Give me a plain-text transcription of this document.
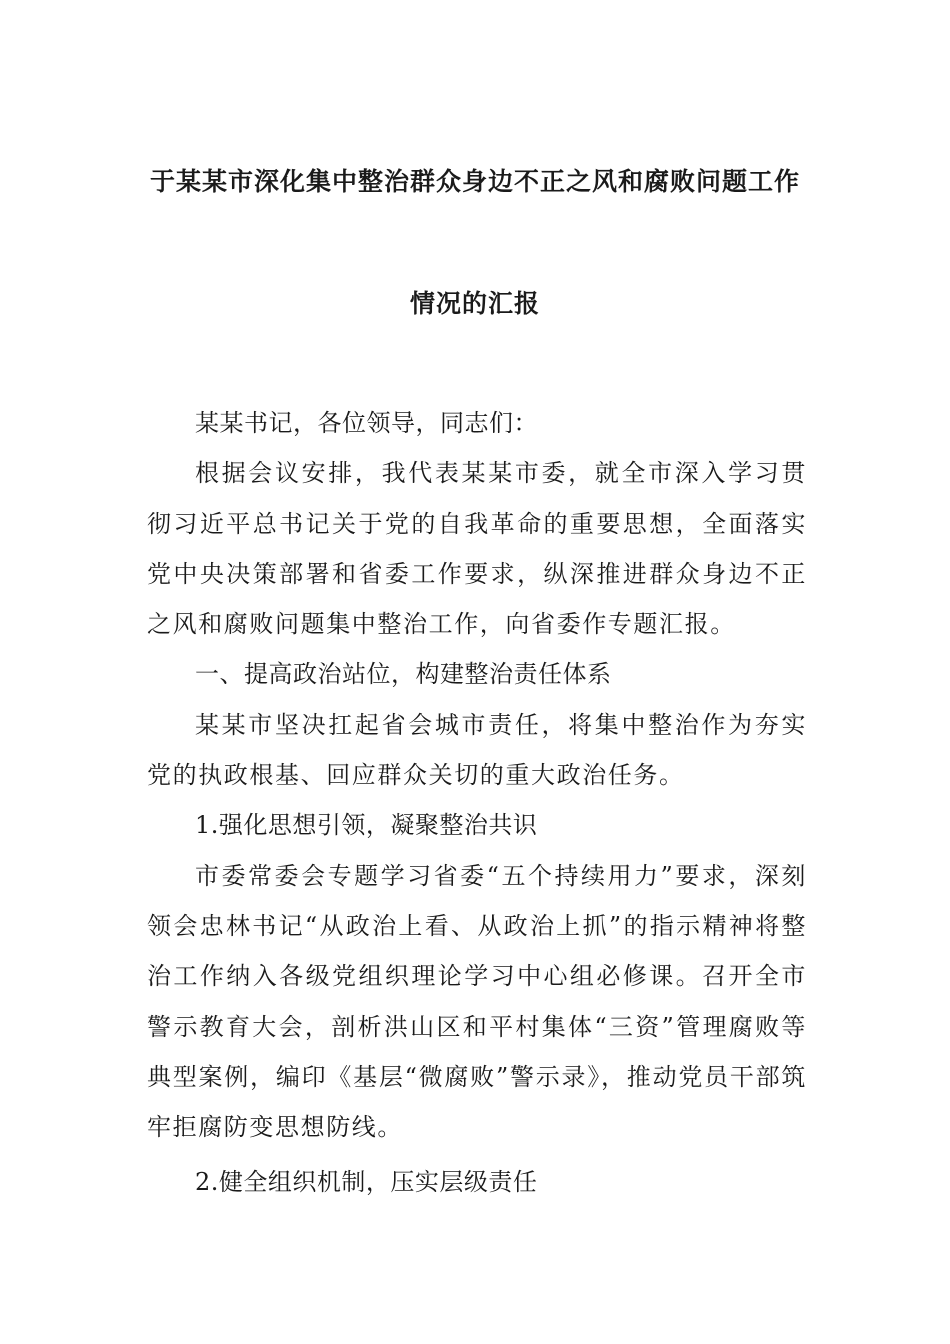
于某某市深化集中整治群众身边不正之风和腐败问题工作
情况的汇报

某某书记，各位领导，同志们：

根据会议安排，我代表某某市委，就全市深入学习贯彻习近平总书记关于党的自我革命的重要思想，全面落实党中央决策部署和省委工作要求，纵深推进群众身边不正之风和腐败问题集中整治工作，向省委作专题汇报。

一、提高政治站位，构建整治责任体系

某某市坚决扛起省会城市责任，将集中整治作为夯实党的执政根基、回应群众关切的重大政治任务。

1.强化思想引领，凝聚整治共识

市委常委会专题学习省委“五个持续用力”要求，深刻领会忠林书记“从政治上看、从政治上抓”的指示精神将整治工作纳入各级党组织理论学习中心组必修课。召开全市警示教育大会，剖析洪山区和平村集体“三资”管理腐败等典型案例，编印《基层“微腐败”警示录》，推动党员干部筑牢拒腐防变思想防线。

2.健全组织机制，压实层级责任
